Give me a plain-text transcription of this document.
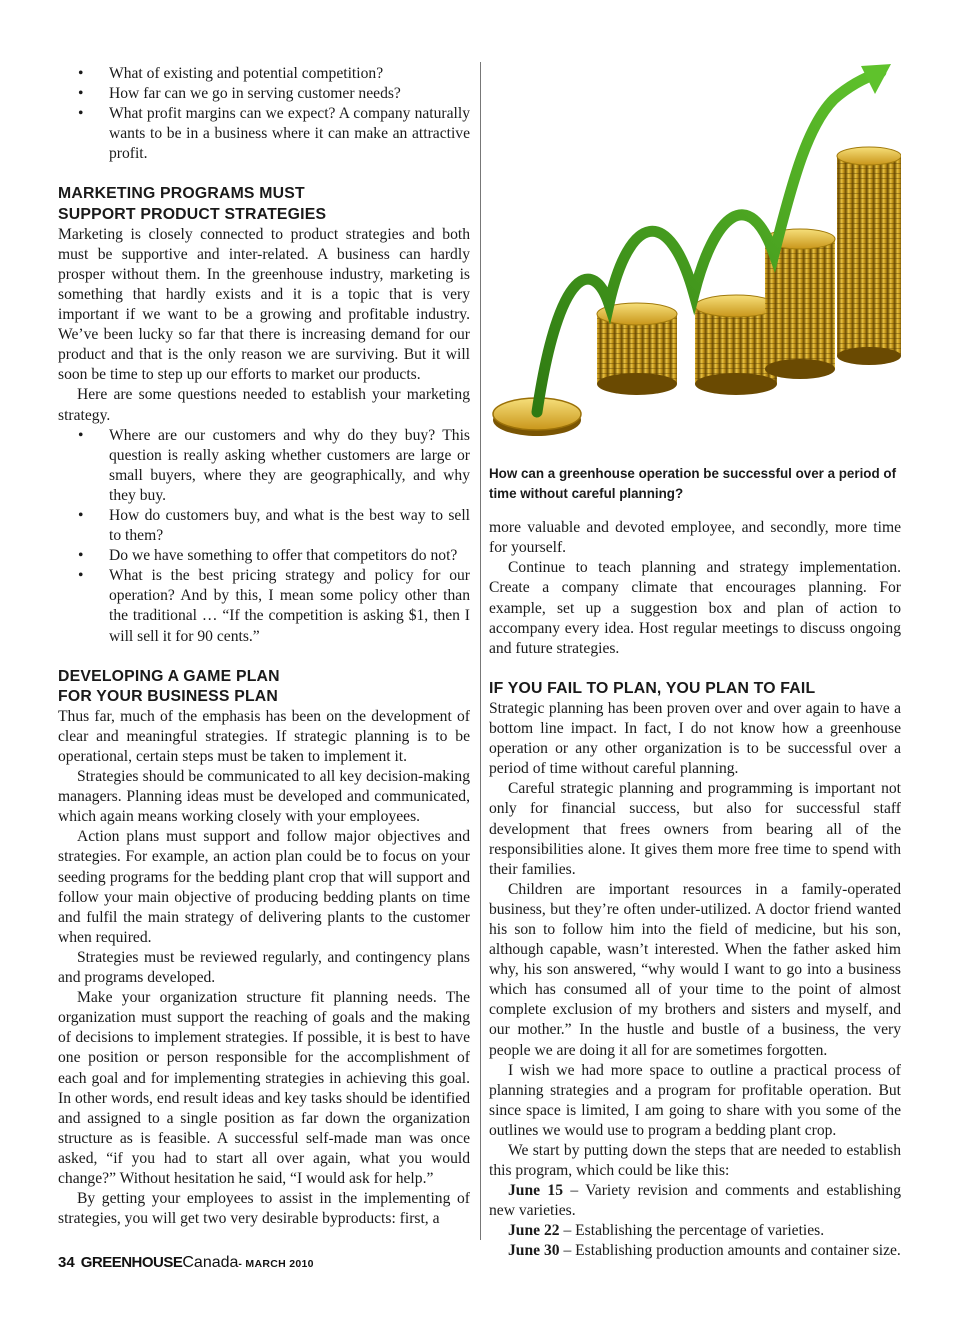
• What of existing and potential competition?
• How far can we go in serving customer needs?
• What profit margins can we expect? A company naturally wants to be in a business where it can make an attractive profit.
MARKETING PROGRAMS MUST
SUPPORT PRODUCT STRATEGIES

Marketing is closely connected to product strategies and both must be supportive and inter-related. A business can hardly prosper without them. In the greenhouse industry, marketing is something that hardly exists and it is a topic that is very important if we want to be a growing and profitable industry. We’ve been lucky so far that there is increasing demand for our product and that is the only reason we are surviving. But it will soon be time to step up our efforts to market our products.

Here are some questions needed to establish your marketing strategy.

• Where are our customers and why do they buy? This question is really asking whether customers are large or small buyers, where they are geographically, and why they buy.
• How do customers buy, and what is the best way to sell to them?
• Do we have something to offer that competitors do not?
• What is the best pricing strategy and policy for our operation? And by this, I mean some policy other than the traditional … “If the competition is asking $1, then I will sell it for 90 cents.”
DEVELOPING A GAME PLAN
FOR YOUR BUSINESS PLAN

Thus far, much of the emphasis has been on the development of clear and meaningful strategies. If strategic planning is to be operational, certain steps must be taken to implement it.

Strategies should be communicated to all key decision-making managers. Planning ideas must be developed and communicated, which again means working closely with your employees.

Action plans must support and follow major objectives and strategies. For example, an action plan could be to focus on your seeding programs for the bedding plant crop that will support and follow your main objective of producing bedding plants on time and fulfil the main strategy of delivering plants to the customer when required.

Strategies must be reviewed regularly, and contingency plans and programs developed.

Make your organization structure fit planning needs. The organization must support the reaching of goals and the making of decisions to implement strategies. If possible, it is best to have one position or person responsible for the accomplishment of each goal and for implementing strategies in achieving this goal. In other words, end result ideas and key tasks should be identified and assigned to a single position as far down the organization structure as is feasible. A successful self-made man was once asked, “if you had to start all over again, what you would change?” Without hesitation he said, “I would ask for help.”

By getting your employees to assist in the implementing of strategies, you will get two very desirable byproducts: first, a

How can a greenhouse operation be successful over a period of time without careful planning?

more valuable and devoted employee, and secondly, more time for yourself.

Continue to teach planning and strategy implementation. Create a company climate that encourages planning. For example, set up a suggestion box and plan of action to accompany every idea. Host regular meetings to discuss ongoing and future strategies.

IF YOU FAIL TO PLAN, YOU PLAN TO FAIL

Strategic planning has been proven over and over again to have a bottom line impact. In fact, I do not know how a greenhouse operation or any other organization is to be successful over a period of time without careful planning.

Careful strategic planning and programming is important not only for financial success, but also for successful staff development that frees owners from bearing all of the responsibilities alone. It gives them more free time to spend with their families.

Children are important resources in a family-operated business, but they’re often under-utilized. A doctor friend wanted his son to follow him into the field of medicine, but his son, although capable, wasn’t interested. When the father asked him why, his son answered, “why would I want to go into a business which has consumed all of your time to the point of almost complete exclusion of my brothers and sisters and myself, and our mother.” In the hustle and bustle of a business, the very people we are doing it all for are sometimes forgotten.

I wish we had more space to outline a practical process of planning strategies and a program for profitable operation. But since space is limited, I am going to share with you some of the outlines we would use to program a bedding plant crop.

We start by putting down the steps that are needed to establish this program, which could be like this:

June 15 – Variety revision and comments and establishing new varieties.

June 22 – Establishing the percentage of varieties.

June 30 – Establishing production amounts and container size.

34 GREENHOUSECanada- MARCH 2010
